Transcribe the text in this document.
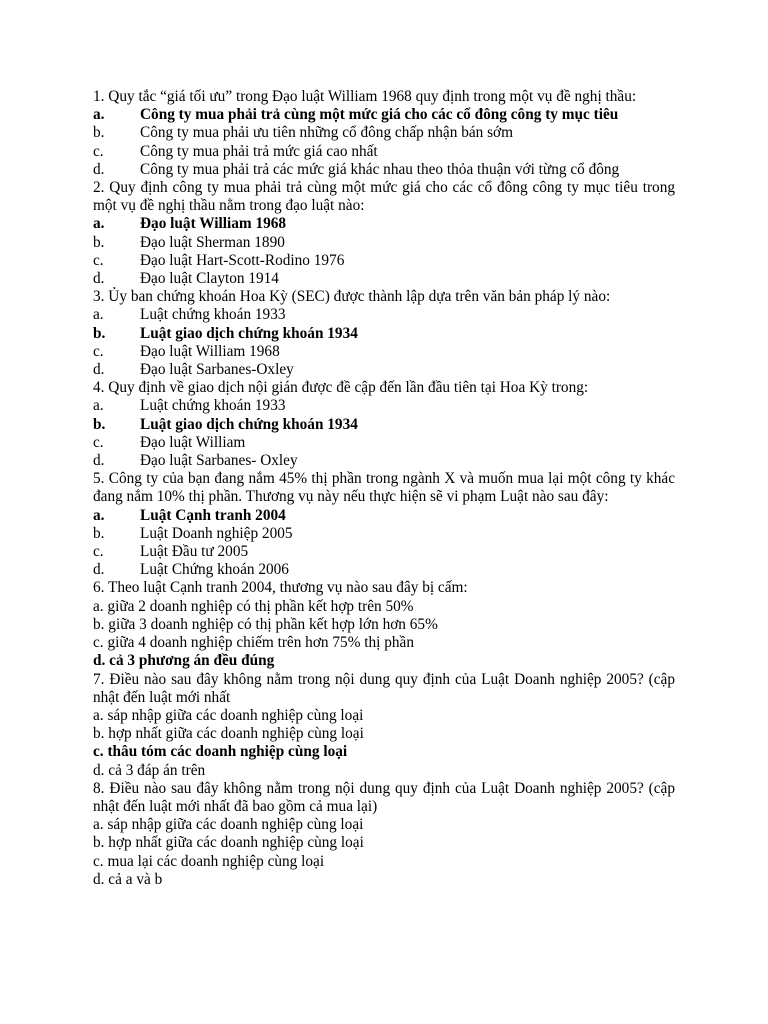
1. Quy tắc “giá tối ưu” trong Đạo luật William 1968 quy định trong một vụ đề nghị thầu:
a.	Công ty mua phải trả cùng một mức giá cho các cổ đông công ty mục tiêu
b.	Công ty mua phải ưu tiên những cổ đông chấp nhận bán sớm
c.	Công ty mua phải trả mức giá cao nhất
d.	Công ty mua phải trả các mức giá khác nhau theo thỏa thuận với từng cổ đông
2. Quy định công ty mua phải trả cùng một mức giá cho các cổ đông công ty mục tiêu trong một vụ đề nghị thầu nằm trong đạo luật nào:
a.	Đạo luật William 1968
b.	Đạo luật Sherman 1890
c.	Đạo luật Hart-Scott-Rodino 1976
d.	Đạo luật Clayton 1914
3. Ủy ban chứng khoán Hoa Kỳ (SEC) được thành lập dựa trên văn bản pháp lý nào:
a.	Luật chứng khoán 1933
b.	Luật giao dịch chứng khoán 1934
c.	Đạo luật William 1968
d.	Đạo luật Sarbanes-Oxley
4. Quy định về giao dịch nội gián được đề cập đến lần đầu tiên tại Hoa Kỳ trong:
a.	Luật chứng khoán 1933
b.	Luật giao dịch chứng khoán 1934
c.	Đạo luật William
d.	Đạo luật Sarbanes- Oxley
5. Công ty của bạn đang nắm 45% thị phần trong ngành X và muốn mua lại một công ty khác đang nắm 10% thị phần. Thương vụ này nếu thực hiện sẽ vi phạm Luật nào sau đây:
a.	Luật Cạnh tranh 2004
b.	Luật Doanh nghiệp 2005
c.	Luật Đầu tư 2005
d.	Luật Chứng khoán 2006
6. Theo luật Cạnh tranh 2004, thương vụ nào sau đây bị cấm:
a. giữa 2 doanh nghiệp có thị phần kết hợp trên 50%
b. giữa 3 doanh nghiệp có thị phần kết hợp lớn hơn 65%
c. giữa 4 doanh nghiệp chiếm trên hơn 75% thị phần
d. cả 3 phương án đều đúng
7. Điều nào sau đây không nằm trong nội dung quy định của Luật Doanh nghiệp 2005? (cập nhật đến luật mới nhất
a. sáp nhập giữa các doanh nghiệp cùng loại
b. hợp nhất giữa các doanh nghiệp cùng loại
c. thâu tóm các doanh nghiệp cùng loại
d. cả 3 đáp án trên
8. Điều nào sau đây không nằm trong nội dung quy định của Luật Doanh nghiệp 2005? (cập nhật đến luật mới nhất đã bao gồm cả mua lại)
a. sáp nhập giữa các doanh nghiệp cùng loại
b. hợp nhất giữa các doanh nghiệp cùng loại
c. mua lại các doanh nghiệp cùng loại
d. cả a và b
